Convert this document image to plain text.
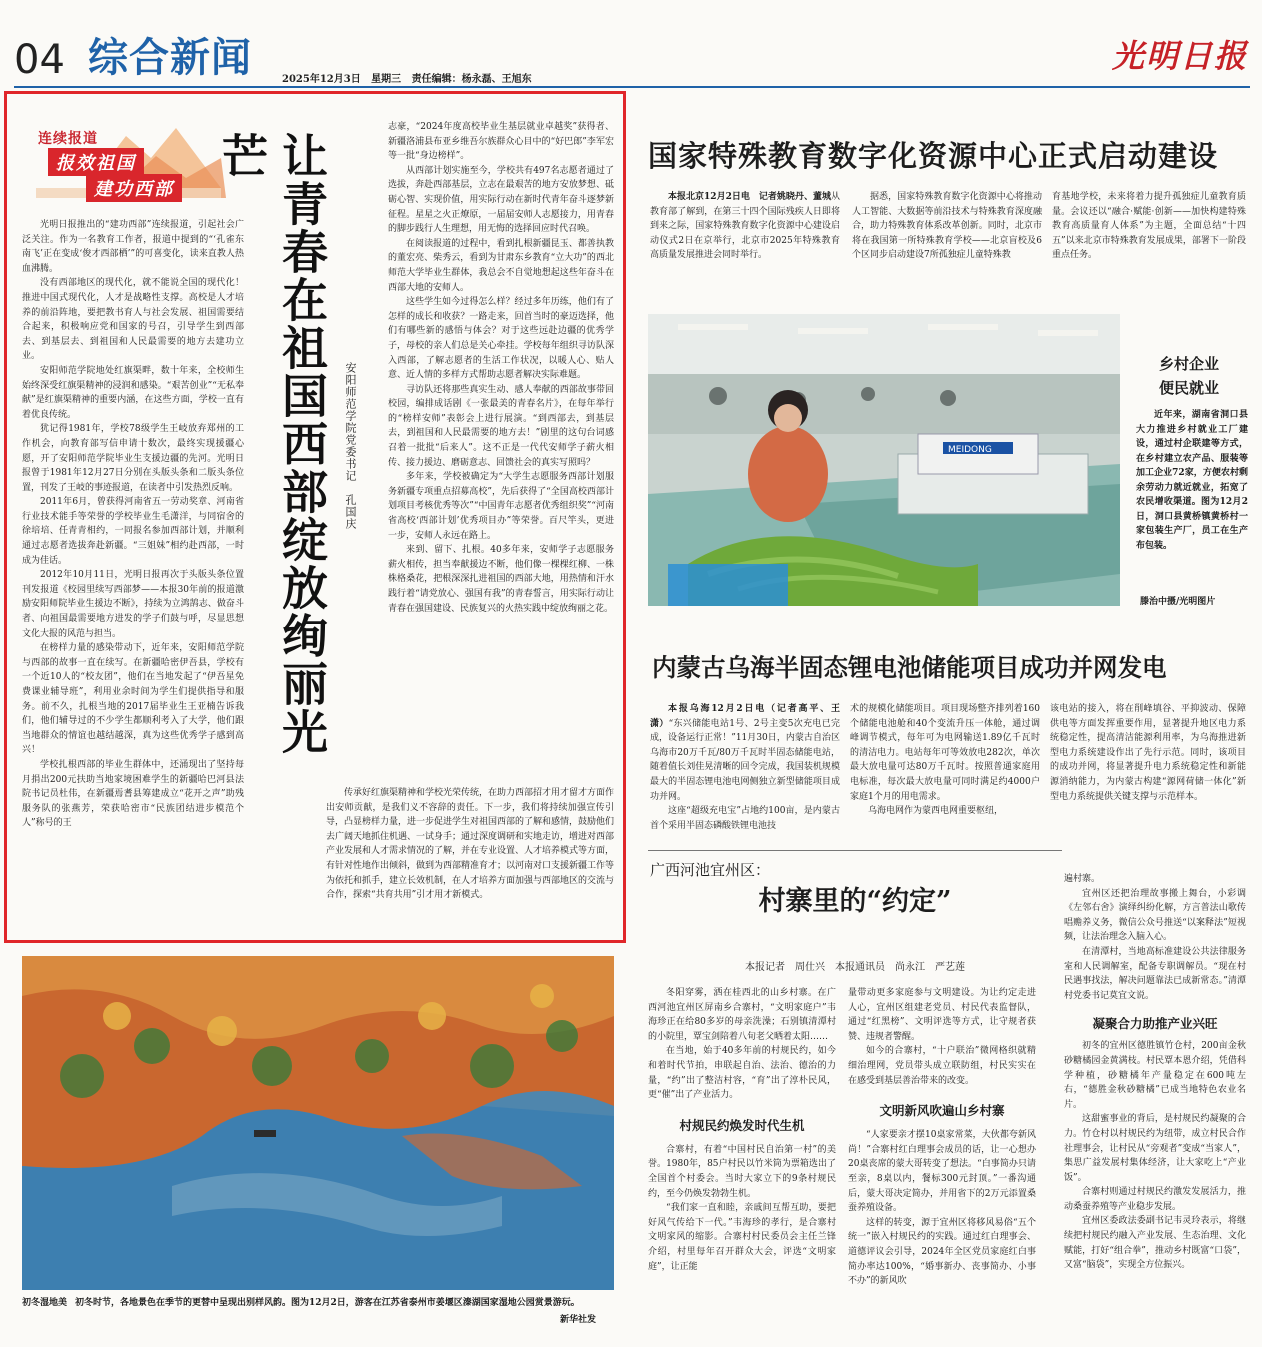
04 综合新闻	2025年12月3日   星期三   责任编辑：杨永磊、王旭东
光明日报
连续报道
报效祖国
建功西部

光明日报推出的“建功西部”连续报道，引起社会广泛关注。作为一名教育工作者，报道中提到的“‘孔雀东南飞’正在变成‘俊才西部栖’”的可喜变化，读来直教人热血沸腾。

没有西部地区的现代化，就不能说全国的现代化！推进中国式现代化，人才是战略性支撑。高校是人才培养的前沿阵地，要把教书育人与社会发展、祖国需要结合起来，积极响应党和国家的号召，引导学生到西部去、到基层去、到祖国和人民最需要的地方去建功立业。

安阳师范学院地处红旗渠畔，数十年来，全校师生始终深受红旗渠精神的浸润和感染。“艰苦创业”“无私奉献”是红旗渠精神的重要内涵，在这些方面，学校一直有着优良传统。

犹记得1981年，学校78级学生王岐放弃郑州的工作机会，向教育部写信申请十数次，最终实现援疆心愿，开了安阳师范学院毕业生支援边疆的先河。光明日报曾于1981年12月27日分别在头版头条和二版头条位置，刊发了王岐的事迹报道，在读者中引发热烈反响。

2011年6月，曾获得河南省五一劳动奖章、河南省行业技术能手等荣誉的学校毕业生毛潇洋，与同宿舍的徐培培、任青青相约，一同报名参加西部计划，并顺利通过志愿者选拔奔赴新疆。“三姐妹”相约赴西部，一时成为佳话。

2012年10月11日，光明日报再次于头版头条位置刊发报道《校园里续写西部梦——本报30年前的报道激励安阳师院毕业生援边不断》，持续为立鸿鹄志、做奋斗者、向祖国最需要地方进发的学子们鼓与呼，尽显思想文化大报的风范与担当。

在榜样力量的感染带动下，近年来，安阳师范学院与西部的故事一直在续写。在新疆哈密伊吾县，学校有一个近10人的“校友团”，他们在当地发起了“伊吾星免费课业辅导班”，利用业余时间为学生们提供指导和服务。前不久，扎根当地的2017届毕业生王亚楠告诉我们，他们辅导过的不少学生都顺利考入了大学，他们跟当地群众的情谊也越结越深，真为这些优秀学子感到高兴！

学校扎根西部的毕业生群体中，还涌现出了坚持每月捐出200元扶助当地家境困难学生的新疆哈巴河县法院书记员杜伟，在新疆焉耆县筹建成立“花开之声”助残服务队的张燕芳，荣获哈密市“民族团结进步模范个人”称号的王

让青春在祖国西部绽放绚丽光芒
安阳师范学院党委书记　孔国庆

志豪，“2024年度高校毕业生基层就业卓越奖”获得者、新疆洛浦县布亚乡维吾尔族群众心目中的“好巴郎”李军宏等一批“身边榜样”。

从西部计划实施至今，学校共有497名志愿者通过了选拔，奔赴西部基层，立志在最艰苦的地方安放梦想、砥砺心智、实现价值，用实际行动在新时代青年奋斗逐梦新征程。星星之火正燎原，一届届安师人志愿接力，用青春的脚步践行人生理想，用无悔的选择回应时代召唤。

在阅读报道的过程中，看到扎根新疆昆玉、都善执教的董宏亮、柴秀云，看到为甘肃东乡教育“立大功”的西北师范大学毕业生群体，我总会不自觉地想起这些年奋斗在西部大地的安师人。

这些学生如今过得怎么样？经过多年历练，他们有了怎样的成长和收获？一路走来，回首当时的豪迈选择，他们有哪些新的感悟与体会？对于这些远赴边疆的优秀学子，母校的亲人们总是关心牵挂。学校每年组织寻访队深入西部，了解志愿者的生活工作状况，以暖人心、贴人意、近人情的多样方式帮助志愿者解决实际难题。

寻访队还将那些真实生动、感人奉献的西部故事带回校园，编排成话剧《一张最美的青春名片》，在每年举行的“榜样安师”表彰会上进行展演。“到西部去，到基层去，到祖国和人民最需要的地方去！”剧里的这句台词感召着一批批“后来人”。这不正是一代代安师学子薪火相传、接力援边、磨砺意志、回馈社会的真实写照吗？

多年来，学校被确定为“大学生志愿服务西部计划服务新疆专项重点招募高校”，先后获得了“全国高校西部计划项目考核优秀等次”“中国青年志愿者优秀组织奖”“河南省高校‘西部计划’优秀项目办”等荣誉。百尺竿头，更进一步，安师人永远在路上。

来到、留下、扎根。40多年来，安师学子志愿服务薪火相传，担当奉献援边不断，他们像一棵棵红柳、一株株格桑花，把根深深扎进祖国的西部大地，用热情和汗水践行着“请党放心、强国有我”的青春誓言，用实际行动让青春在强国建设、民族复兴的火热实践中绽放绚丽之花。

传承好红旗渠精神和学校光荣传统，在助力西部招才用才留才方面作出安师贡献，是我们义不容辞的责任。下一步，我们将持续加强宣传引导，凸显榜样力量，进一步促进学生对祖国西部的了解和感情，鼓励他们去广阔天地抓住机遇、一试身手；通过深度调研和实地走访，增进对西部产业发展和人才需求情况的了解，并在专业设置、人才培养模式等方面，有针对性地作出倾斜，做到为西部精准育才；以河南对口支援新疆工作等为依托和抓手，建立长效机制，在人才培养方面加强与西部地区的交流与合作，探索“共育共用”引才用才新模式。

国家特殊教育数字化资源中心正式启动建设

本报北京12月2日电　记者姚晓丹、董城从教育部了解到，在第三十四个国际残疾人日即将到来之际，国家特殊教育数字化资源中心建设启动仪式2日在京举行，北京市2025年特殊教育高质量发展推进会同时举行。

据悉，国家特殊教育数字化资源中心将推动人工智能、大数据等前沿技术与特殊教育深度融合，助力特殊教育体系改革创新。同时，北京市将在我国第一所特殊教育学校——北京盲校及6个区同步启动建设7所孤独症儿童特殊教

育基地学校，未来将着力提升孤独症儿童教育质量。会议还以“融合·赋能·创新——加快构建特殊教育高质量育人体系”为主题，全面总结“十四五”以来北京市特殊教育发展成果，部署下一阶段重点任务。

MEIDONG
乡村企业
便民就业

近年来，湖南省洞口县大力推进乡村就业工厂建设，通过村企联建等方式，在乡村建立农产品、服装等加工企业72家，方便农村剩余劳动力就近就业，拓宽了农民增收渠道。图为12月2日，洞口县黄桥镇黄桥村一家包装生产厂，员工在生产布包装。

滕治中摄/光明图片
内蒙古乌海半固态锂电池储能项目成功并网发电

本报乌海12月2日电（记者高平、王潇）“东兴储能电站1号、2号主变5次充电已完成，设备运行正常！”11月30日，内蒙古自治区乌海市20万千瓦/80万千瓦时半固态储能电站，随着值长刘佳晃清晰的回令完成，我国装机规模最大的半固态锂电池电网侧独立新型储能项目成功并网。

这座“超级充电宝”占地约100亩，是内蒙古首个采用半固态磷酸铁锂电池技

术的规模化储能项目。项目现场整齐排列着160个储能电池舱和40个变流升压一体舱，通过调峰调节模式，每年可为电网输送1.89亿千瓦时的清洁电力。电站每年可等效放电282次，单次最大放电量可达80万千瓦时。按照普通家庭用电标准，每次最大放电量可同时满足约4000户家庭1个月的用电需求。

乌海电网作为蒙西电网重要枢纽，

该电站的接入，将在削峰填谷、平抑波动、保障供电等方面发挥重要作用，显著提升地区电力系统稳定性，提高清洁能源利用率，为乌海推进新型电力系统建设作出了先行示范。同时，该项目的成功并网，将显著提升电力系统稳定性和新能源消纳能力，为内蒙古构建“源网荷储一体化”新型电力系统提供关键支撑与示范样本。

广西河池宜州区：
村寨里的“约定”
本报记者　周仕兴　本报通讯员　尚永江　严艺莲

冬阳穿雾，洒在桂西北的山乡村寨。在广西河池宜州区屏南乡合寨村，“文明家庭户”韦海珍正在给80多岁的母亲洗澡；石别镇清潭村的小院里，覃宝剑陪着八旬老父晒着太阳……

在当地，始于40多年前的村规民约，如今和着时代节拍，串联起自治、法治、德治的力量，“约”出了整洁村容，“育”出了淳朴民风，更“催”出了产业活力。

村规民约焕发时代生机

合寨村，有着“中国村民自治第一村”的美誉。1980年，85户村民以竹米筒为票箱选出了全国首个村委会。当时大家立下的9条村规民约，至今仍焕发勃勃生机。

“我们家一直和睦，亲戚间互帮互助，要把好风气传给下一代。”韦海珍的孝行，是合寨村文明家风的缩影。合寨村村民委员会主任兰锋介绍，村里每年召开群众大会，评选“文明家庭”，让正能

量带动更多家庭参与文明建设。为让约定走进人心，宜州区组建老党员、村民代表监督队，通过“红黑榜”、文明评选等方式，让守规者获赞、违规者警醒。

如今的合寨村，“十户联治”微网格织就精细治理网，党员带头成立联防组，村民实实在在感受到基层善治带来的改变。

文明新风吹遍山乡村寨

“人家要亲才摆10桌家常菜，大伙都夸新风尚！”合寨村红白理事会成员的话，让一心想办20桌丧席的蒙大哥转变了想法。“白事简办只请至亲，8桌以内，餐标300元封顶。”一番沟通后，蒙大哥决定简办，并用省下的2万元添置桑蚕养殖设备。

这样的转变，源于宜州区将移风易俗“五个统一”嵌入村规民约的实践。通过红白理事会、道德评议会引导，2024年全区党员家庭红白事简办率达100%，“婚事新办、丧事简办、小事不办”的新风吹

遍村寨。

宜州区还把治理故事搬上舞台，小彩调《左邻右舍》演绎纠纷化解，方言普法山歌传唱赡养义务，微信公众号推送“以案释法”短视频，让法治理念入脑入心。

在清潭村，当地高标准建设公共法律服务室和人民调解室，配备专职调解员。“现在村民遇事找法，解决问题靠法已成新常态。”清潭村党委书记莫宜文说。

凝聚合力助推产业兴旺

初冬的宜州区德胜镇竹仓村，200亩金秋砂糖橘园金黄满枝。村民覃本恩介绍，凭借科学种植，砂糖橘年产量稳定在600吨左右，“德胜金秋砂糖橘”已成当地特色农业名片。

这甜蜜事业的背后，是村规民约凝聚的合力。竹仓村以村规民约为纽带，成立村民合作社理事会，让村民从“旁观者”变成“当家人”，集思广益发展村集体经济，让大家吃上“产业饭”。

合寨村则通过村规民约激发发展活力，推动桑蚕养殖等产业稳步发展。

宜州区委政法委副书记韦灵玲表示，将继续把村规民约融入产业发展、生态治理、文化赋能，打好“组合拳”，推动乡村既富“口袋”，又富“脑袋”，实现全方位振兴。

初冬湿地美 初冬时节，各地景色在季节的更替中呈现出别样风韵。图为12月2日，游客在江苏省泰州市姜堰区溱湖国家湿地公园赏景游玩。
新华社发
